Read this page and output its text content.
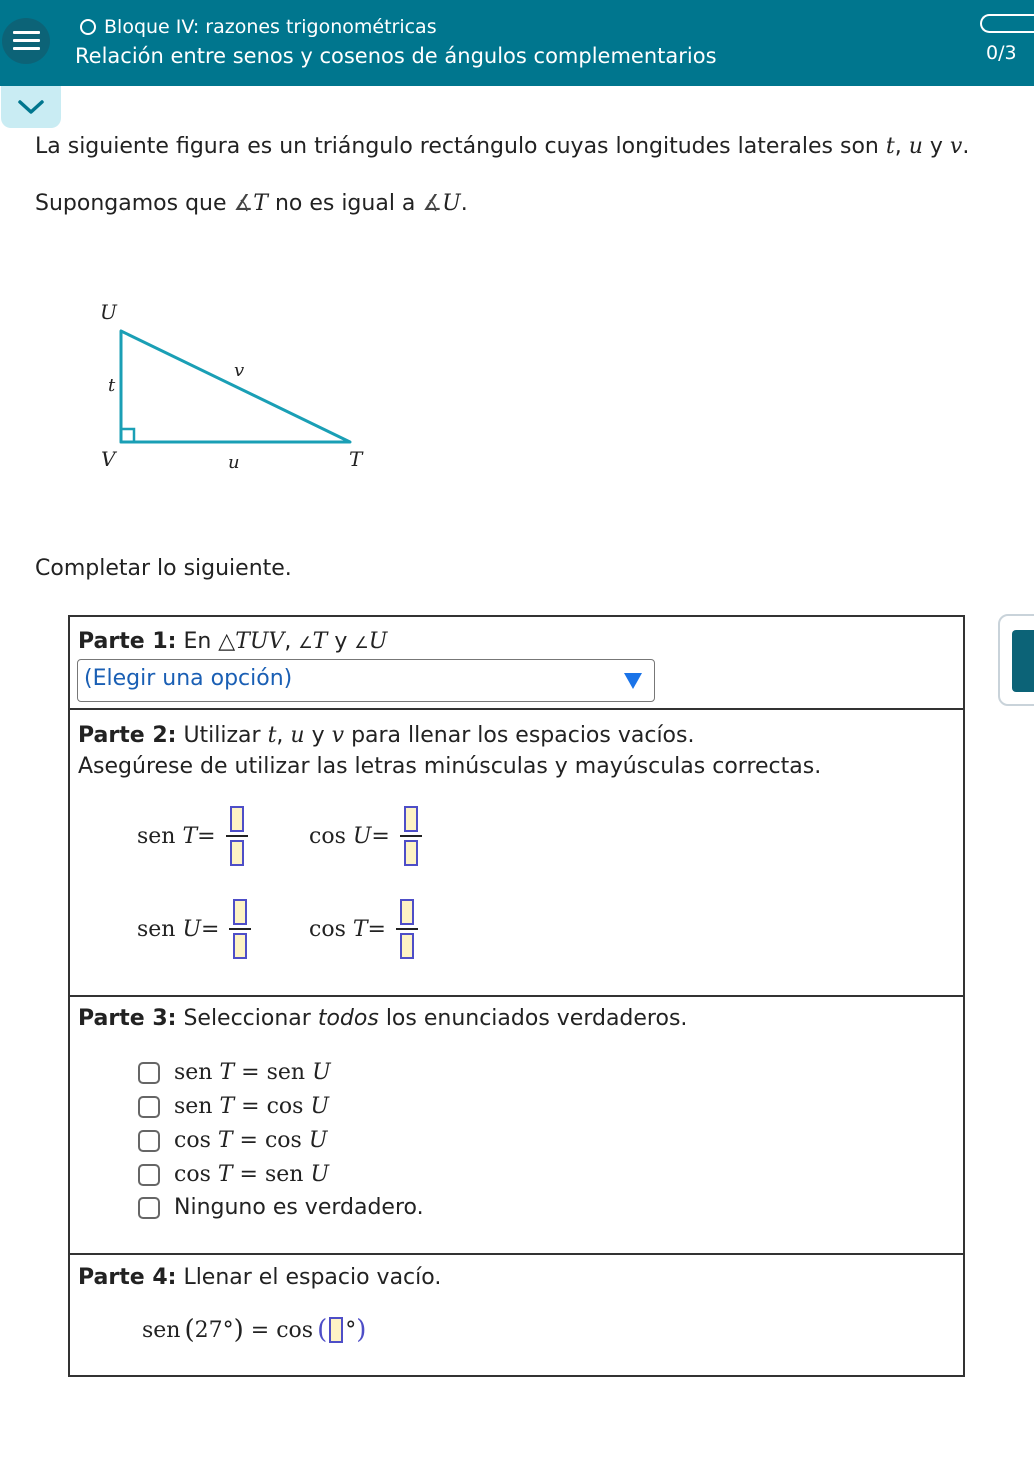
Bloque IV: razones trigonométricas
Relación entre senos y cosenos de ángulos complementarios	0/3
La siguiente figura es un triángulo rectángulo cuyas longitudes laterales son t, u y v.
Supongamos que ∡T no es igual a ∡U.
U
V	T
t
u
v
Completar lo siguiente.
Parte 1: En △TUV, ∠T y ∠U
(Elegir una opción)
Parte 2: Utilizar t, u y v para llenar los espacios vacíos.
Asegúrese de utilizar las letras minúsculas y mayúsculas correctas.
sen
T =	cos
U =
sen
U =	cos
T =
Parte 3: Seleccionar todos los enunciados verdaderos.
sen
T
=
sen
U
sen
T
=
cos
U
cos
T
=
cos
U
cos
T
=
sen
U
Ninguno es verdadero.
Parte 4: Llenar el espacio vacío.
sen ( 27° )
=
cos ( ° )
